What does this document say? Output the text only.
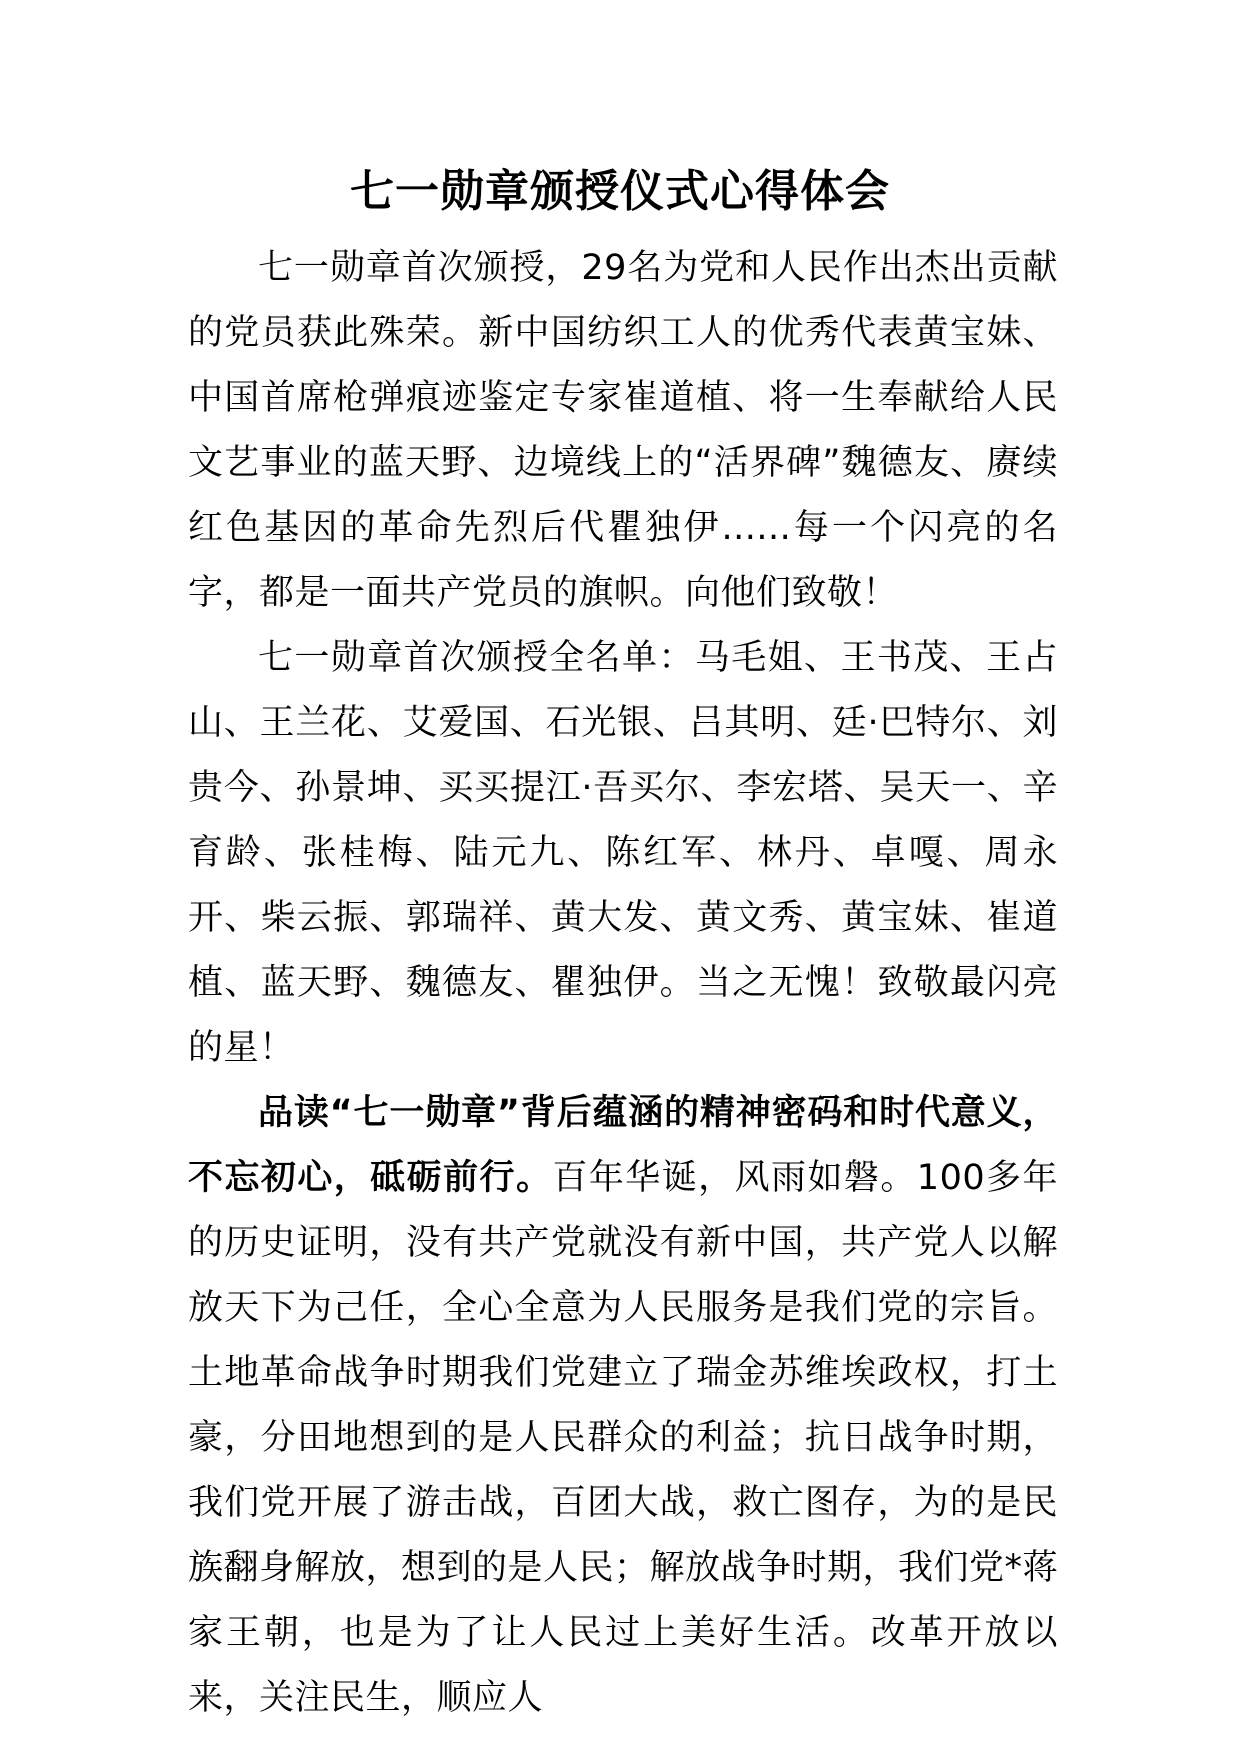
七一勋章颁授仪式心得体会

七一勋章首次颁授，29名为党和人民作出杰出贡献的党员获此殊荣。新中国纺织工人的优秀代表黄宝妹、中国首席枪弹痕迹鉴定专家崔道植、将一生奉献给人民文艺事业的蓝天野、边境线上的“活界碑”魏德友、赓续红色基因的革命先烈后代瞿独伊......每一个闪亮的名字，都是一面共产党员的旗帜。向他们致敬！

七一勋章首次颁授全名单：马毛姐、王书茂、王占山、王兰花、艾爱国、石光银、吕其明、廷·巴特尔、刘贵今、孙景坤、买买提江·吾买尔、李宏塔、吴天一、辛育龄、张桂梅、陆元九、陈红军、林丹、卓嘎、周永开、柴云振、郭瑞祥、黄大发、黄文秀、黄宝妹、崔道植、蓝天野、魏德友、瞿独伊。当之无愧！致敬最闪亮的星！

品读“七一勋章”背后蕴涵的精神密码和时代意义，不忘初心，砥砺前行。百年华诞，风雨如磐。100多年的历史证明，没有共产党就没有新中国，共产党人以解放天下为己任，全心全意为人民服务是我们党的宗旨。土地革命战争时期我们党建立了瑞金苏维埃政权，打土豪，分田地想到的是人民群众的利益；抗日战争时期，我们党开展了游击战，百团大战，救亡图存，为的是民族翻身解放，想到的是人民；解放战争时期，我们党*蒋家王朝，也是为了让人民过上美好生活。改革开放以来，关注民生，顺应人
